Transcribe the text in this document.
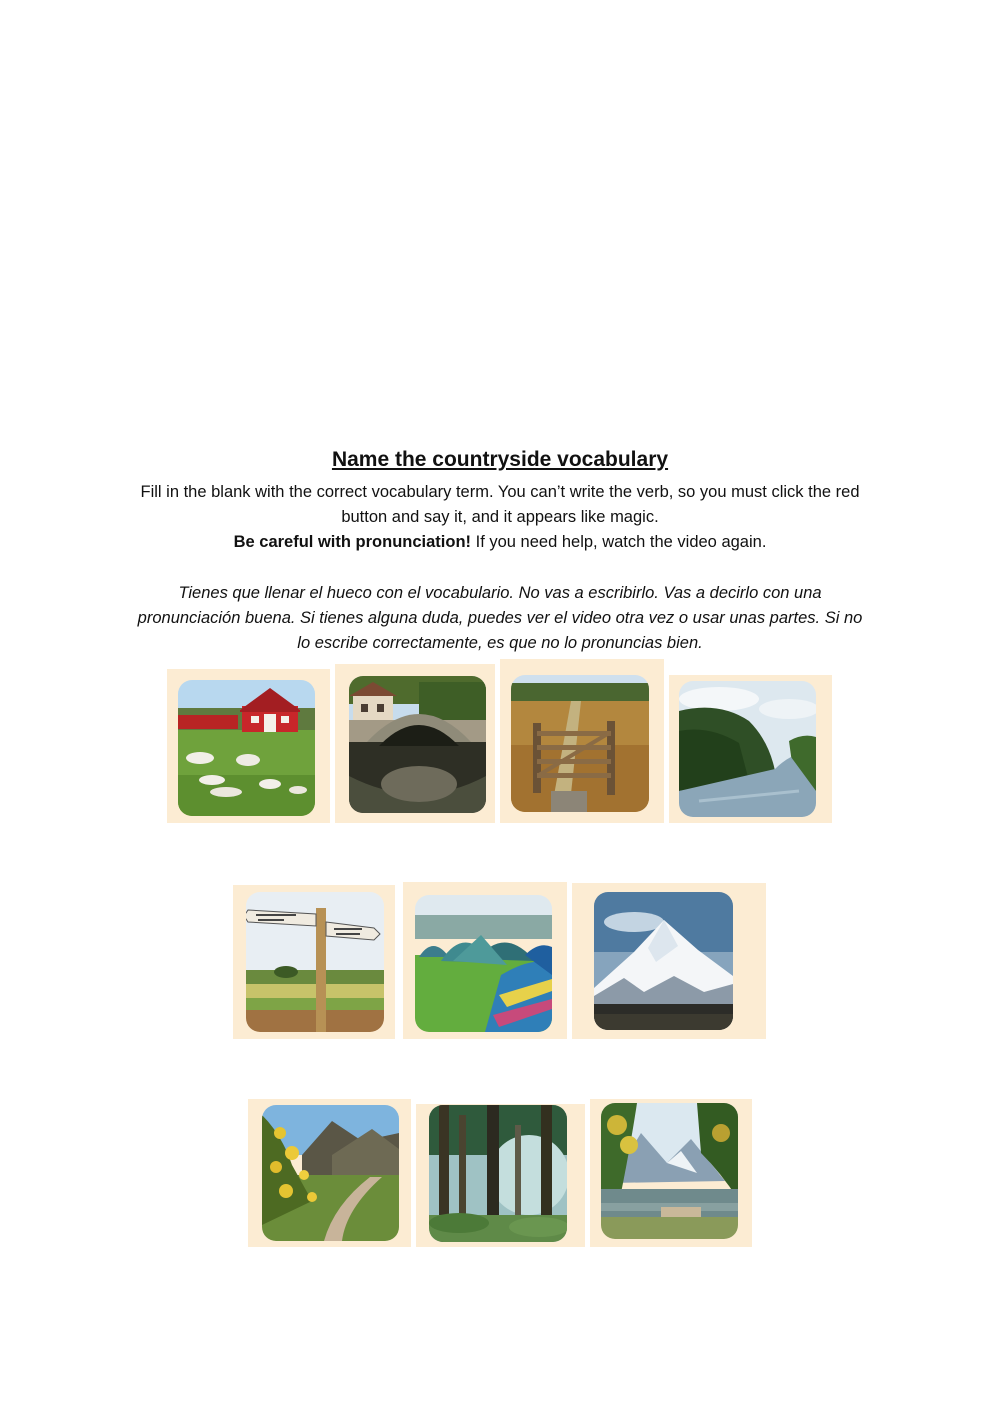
Name the countryside vocabulary

Fill in the blank with the correct vocabulary term. You can’t write the verb, so you must click the red button and say it, and it appears like magic.

Be careful with pronunciation! If you need help, watch the video again.

Tienes que llenar el hueco con el vocabulario. No vas a escribirlo. Vas a decirlo con una pronunciación buena. Si tienes alguna duda, puedes ver el video otra vez o usar unas partes. Si no lo escribe correctamente, es que no lo pronuncias bien.
